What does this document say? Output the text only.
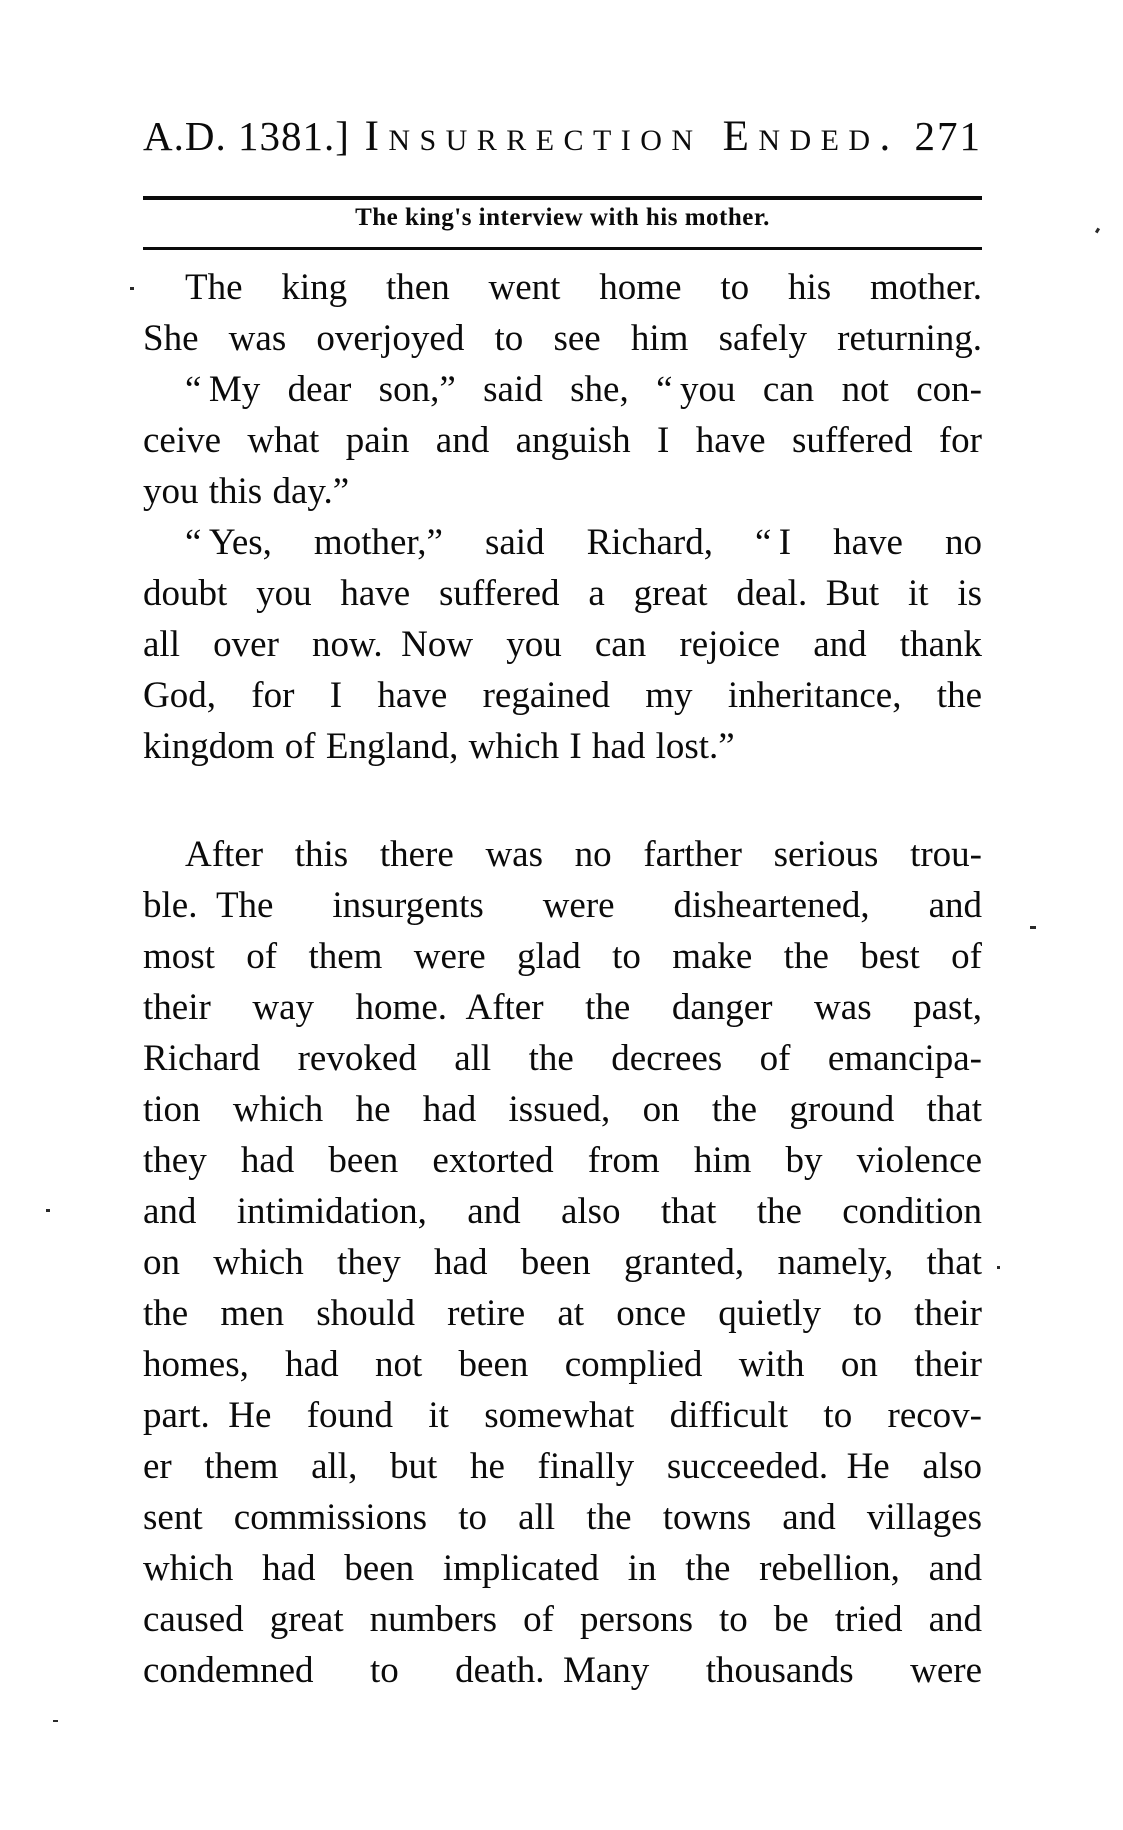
A.D. 1381.] Insurrection Ended. 271
The king's interview with his mother.
The king then went home to his mother.
She was overjoyed to see him safely returning.
“ My dear son,” said she, “ you can not con-
ceive what pain and anguish I have suffered for
you this day.”
“ Yes, mother,” said Richard, “ I have no
doubt you have suffered a great deal. But it is
all over now. Now you can rejoice and thank
God, for I have regained my inheritance, the
kingdom of England, which I had lost.”
After this there was no farther serious trou-
ble. The insurgents were disheartened, and
most of them were glad to make the best of
their way home. After the danger was past,
Richard revoked all the decrees of emancipa-
tion which he had issued, on the ground that
they had been extorted from him by violence
and intimidation, and also that the condition
on which they had been granted, namely, that
the men should retire at once quietly to their
homes, had not been complied with on their
part. He found it somewhat difficult to recov-
er them all, but he finally succeeded. He also
sent commissions to all the towns and villages
which had been implicated in the rebellion, and
caused great numbers of persons to be tried and
condemned to death. Many thousands were
